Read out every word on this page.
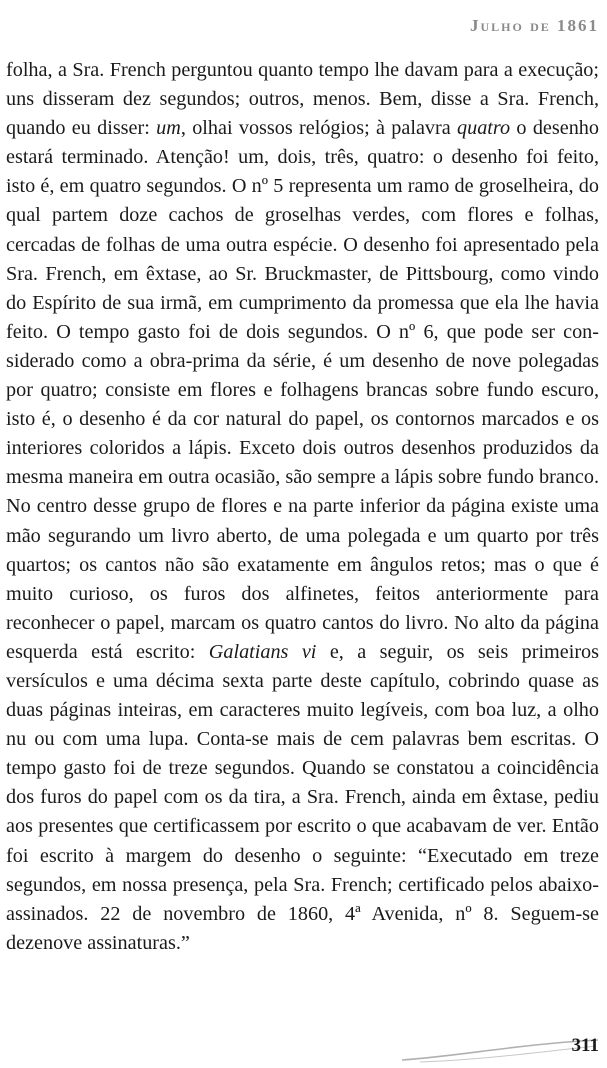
Julho de 1861

folha, a Sra. French perguntou quanto tempo lhe davam para a execução; uns disseram dez segundos; outros, menos. Bem, disse a Sra. French, quando eu disser: um, olhai vossos relógios; à palavra quatro o desenho estará terminado. Atenção! um, dois, três, quatro: o desenho foi feito, isto é, em quatro segundos. O nº 5 representa um ramo de groselheira, do qual partem doze cachos de groselhas verdes, com flores e folhas, cercadas de folhas de uma outra espécie. O desenho foi apresentado pela Sra. French, em êxtase, ao Sr. Bruckmaster, de Pittsbourg, como vindo do Espírito de sua irmã, em cumprimento da promessa que ela lhe havia feito. O tempo gasto foi de dois segundos. O nº 6, que pode ser considerado como a obra-prima da série, é um desenho de nove polegadas por quatro; consiste em flores e folhagens brancas sobre fundo escuro, isto é, o desenho é da cor natural do papel, os contornos marcados e os interiores coloridos a lápis. Exceto dois outros desenhos produzidos da mesma maneira em outra ocasião, são sempre a lápis sobre fundo branco. No centro desse grupo de flores e na parte inferior da página existe uma mão segurando um livro aberto, de uma polegada e um quarto por três quartos; os cantos não são exatamente em ângulos retos; mas o que é muito curioso, os furos dos alfinetes, feitos anteriormente para reconhecer o papel, marcam os quatro cantos do livro. No alto da página esquerda está escrito: Galatians vi e, a seguir, os seis primeiros versículos e uma décima sexta parte deste capítulo, cobrindo quase as duas páginas inteiras, em caracteres muito legíveis, com boa luz, a olho nu ou com uma lupa. Conta-se mais de cem palavras bem escritas. O tempo gasto foi de treze segundos. Quando se constatou a coincidência dos furos do papel com os da tira, a Sra. French, ainda em êxtase, pediu aos presentes que certificassem por escrito o que acabavam de ver. Então foi escrito à margem do desenho o seguinte: “Executado em treze segundos, em nossa presença, pela Sra. French; certificado pelos abaixo-assinados. 22 de novembro de 1860, 4ª Avenida, nº 8. Seguem-se dezenove assinaturas.”

311
